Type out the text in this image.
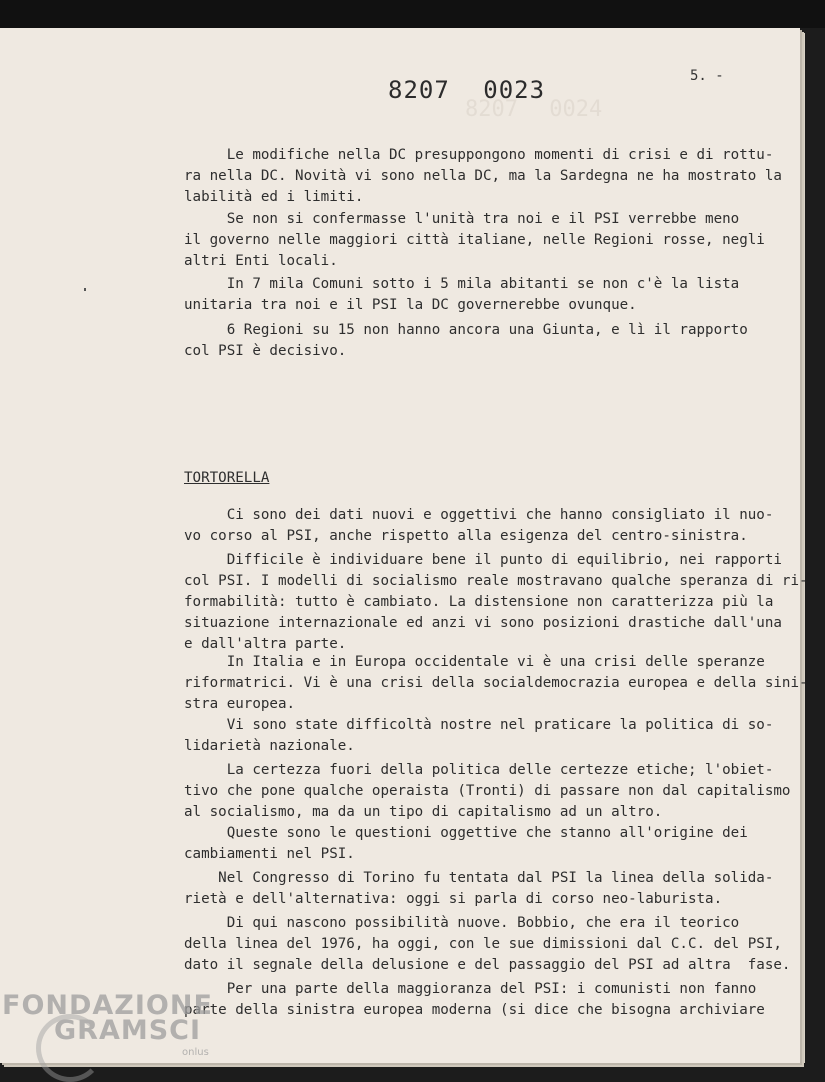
8207 0024
8207 0023	5. -
Le modifiche nella DC presuppongono momenti di crisi e di rottu-
ra nella DC. Novità vi sono nella DC, ma la Sardegna ne ha mostrato la
labilità ed i limiti.
Se non si confermasse l'unità tra noi e il PSI verrebbe meno
il governo nelle maggiori città italiane, nelle Regioni rosse, negli
altri Enti locali.
In 7 mila Comuni sotto i 5 mila abitanti se non c'è la lista
unitaria tra noi e il PSI la DC governerebbe ovunque.
6 Regioni su 15 non hanno ancora una Giunta, e lì il rapporto
col PSI è decisivo.
TORTORELLA
Ci sono dei dati nuovi e oggettivi che hanno consigliato il nuo-
vo corso al PSI, anche rispetto alla esigenza del centro-sinistra.
Difficile è individuare bene il punto di equilibrio, nei rapporti
col PSI. I modelli di socialismo reale mostravano qualche speranza di ri-
formabilità: tutto è cambiato. La distensione non caratterizza più la
situazione internazionale ed anzi vi sono posizioni drastiche dall'una
e dall'altra parte.
In Italia e in Europa occidentale vi è una crisi delle speranze
riformatrici. Vi è una crisi della socialdemocrazia europea e della sini-
stra europea.
Vi sono state difficoltà nostre nel praticare la politica di so-
lidarietà nazionale.
La certezza fuori della politica delle certezze etiche; l'obiet-
tivo che pone qualche operaista (Tronti) di passare non dal capitalismo
al socialismo, ma da un tipo di capitalismo ad un altro.
Queste sono le questioni oggettive che stanno all'origine dei
cambiamenti nel PSI.
Nel Congresso di Torino fu tentata dal PSI la linea della solida-
rietà e dell'alternativa: oggi si parla di corso neo-laburista.
Di qui nascono possibilità nuove. Bobbio, che era il teorico
della linea del 1976, ha oggi, con le sue dimissioni dal C.C. del PSI,
dato il segnale della delusione e del passaggio del PSI ad altra  fase.
Per una parte della maggioranza del PSI: i comunisti non fanno
parte della sinistra europea moderna (si dice che bisogna archiviare
FONDAZIONE
GRAMSCI
onlus
